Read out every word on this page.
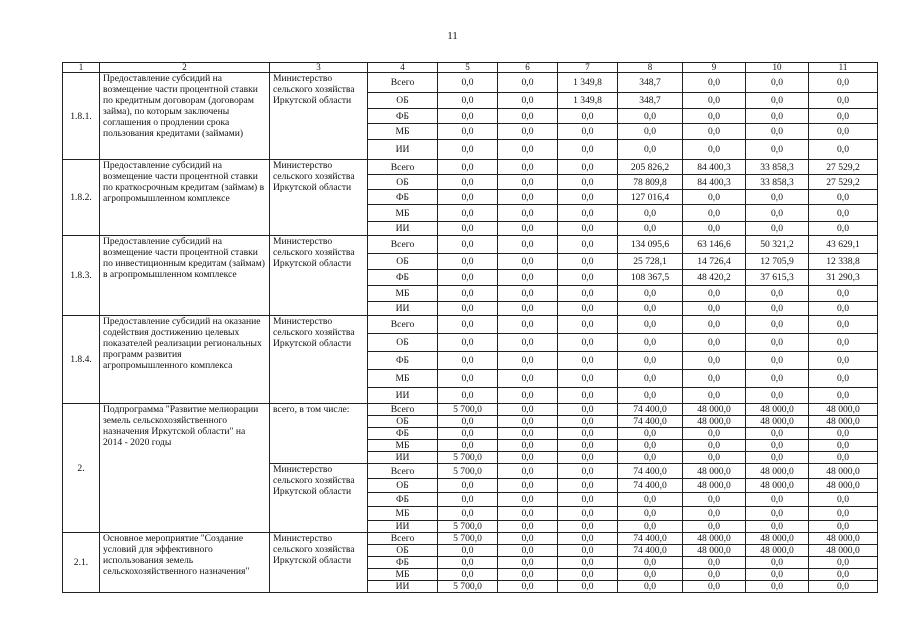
11
1	2	3	4	5	6	7	8	9	10	11
1.8.1.	Предоставление субсидий на возмещение части процентной ставки по кредитным договорам (договорам займа), по которым заключены соглашения о продлении срока пользования кредитами (займами)	Министерство сельского хозяйства Иркутской области	Всего	0,0	0,0	1 349,8	348,7	0,0	0,0	0,0
			ОБ	0,0	0,0	1 349,8	348,7	0,0	0,0	0,0
			ФБ	0,0	0,0	0,0	0,0	0,0	0,0	0,0
			МБ	0,0	0,0	0,0	0,0	0,0	0,0	0,0
			ИИ	0,0	0,0	0,0	0,0	0,0	0,0	0,0
1.8.2.	Предоставление субсидий на возмещение части процентной ставки по краткосрочным кредитам (займам) в агропромышленном комплексе	Министерство сельского хозяйства Иркутской области	Всего	0,0	0,0	0,0	205 826,2	84 400,3	33 858,3	27 529,2
			ОБ	0,0	0,0	0,0	78 809,8	84 400,3	33 858,3	27 529,2
			ФБ	0,0	0,0	0,0	127 016,4	0,0	0,0	0,0
			МБ	0,0	0,0	0,0	0,0	0,0	0,0	0,0
			ИИ	0,0	0,0	0,0	0,0	0,0	0,0	0,0
1.8.3.	Предоставление субсидий на возмещение части процентной ставки по инвестиционным кредитам (займам) в агропромышленном комплексе	Министерство сельского хозяйства Иркутской области	Всего	0,0	0,0	0,0	134 095,6	63 146,6	50 321,2	43 629,1
			ОБ	0,0	0,0	0,0	25 728,1	14 726,4	12 705,9	12 338,8
			ФБ	0,0	0,0	0,0	108 367,5	48 420,2	37 615,3	31 290,3
			МБ	0,0	0,0	0,0	0,0	0,0	0,0	0,0
			ИИ	0,0	0,0	0,0	0,0	0,0	0,0	0,0
1.8.4.	Предоставление субсидий на оказание содействия достижению целевых показателей реализации региональных программ развития агропромышленного комплекса	Министерство сельского хозяйства Иркутской области	Всего	0,0	0,0	0,0	0,0	0,0	0,0	0,0
			ОБ	0,0	0,0	0,0	0,0	0,0	0,0	0,0
			ФБ	0,0	0,0	0,0	0,0	0,0	0,0	0,0
			МБ	0,0	0,0	0,0	0,0	0,0	0,0	0,0
			ИИ	0,0	0,0	0,0	0,0	0,0	0,0	0,0
2.	Подпрограмма "Развитие мелиорации земель сельскохозяйственного назначения Иркутской области" на 2014 - 2020 годы	всего, в том числе:	Всего	5 700,0	0,0	0,0	74 400,0	48 000,0	48 000,0	48 000,0
			ОБ	0,0	0,0	0,0	74 400,0	48 000,0	48 000,0	48 000,0
			ФБ	0,0	0,0	0,0	0,0	0,0	0,0	0,0
			МБ	0,0	0,0	0,0	0,0	0,0	0,0	0,0
			ИИ	5 700,0	0,0	0,0	0,0	0,0	0,0	0,0
		Министерство сельского хозяйства Иркутской области	Всего	5 700,0	0,0	0,0	74 400,0	48 000,0	48 000,0	48 000,0
			ОБ	0,0	0,0	0,0	74 400,0	48 000,0	48 000,0	48 000,0
			ФБ	0,0	0,0	0,0	0,0	0,0	0,0	0,0
			МБ	0,0	0,0	0,0	0,0	0,0	0,0	0,0
			ИИ	5 700,0	0,0	0,0	0,0	0,0	0,0	0,0
2.1.	Основное мероприятие "Создание условий для эффективного использования земель сельскохозяйственного назначения"	Министерство сельского хозяйства Иркутской области	Всего	5 700,0	0,0	0,0	74 400,0	48 000,0	48 000,0	48 000,0
			ОБ	0,0	0,0	0,0	74 400,0	48 000,0	48 000,0	48 000,0
			ФБ	0,0	0,0	0,0	0,0	0,0	0,0	0,0
			МБ	0,0	0,0	0,0	0,0	0,0	0,0	0,0
			ИИ	5 700,0	0,0	0,0	0,0	0,0	0,0	0,0
